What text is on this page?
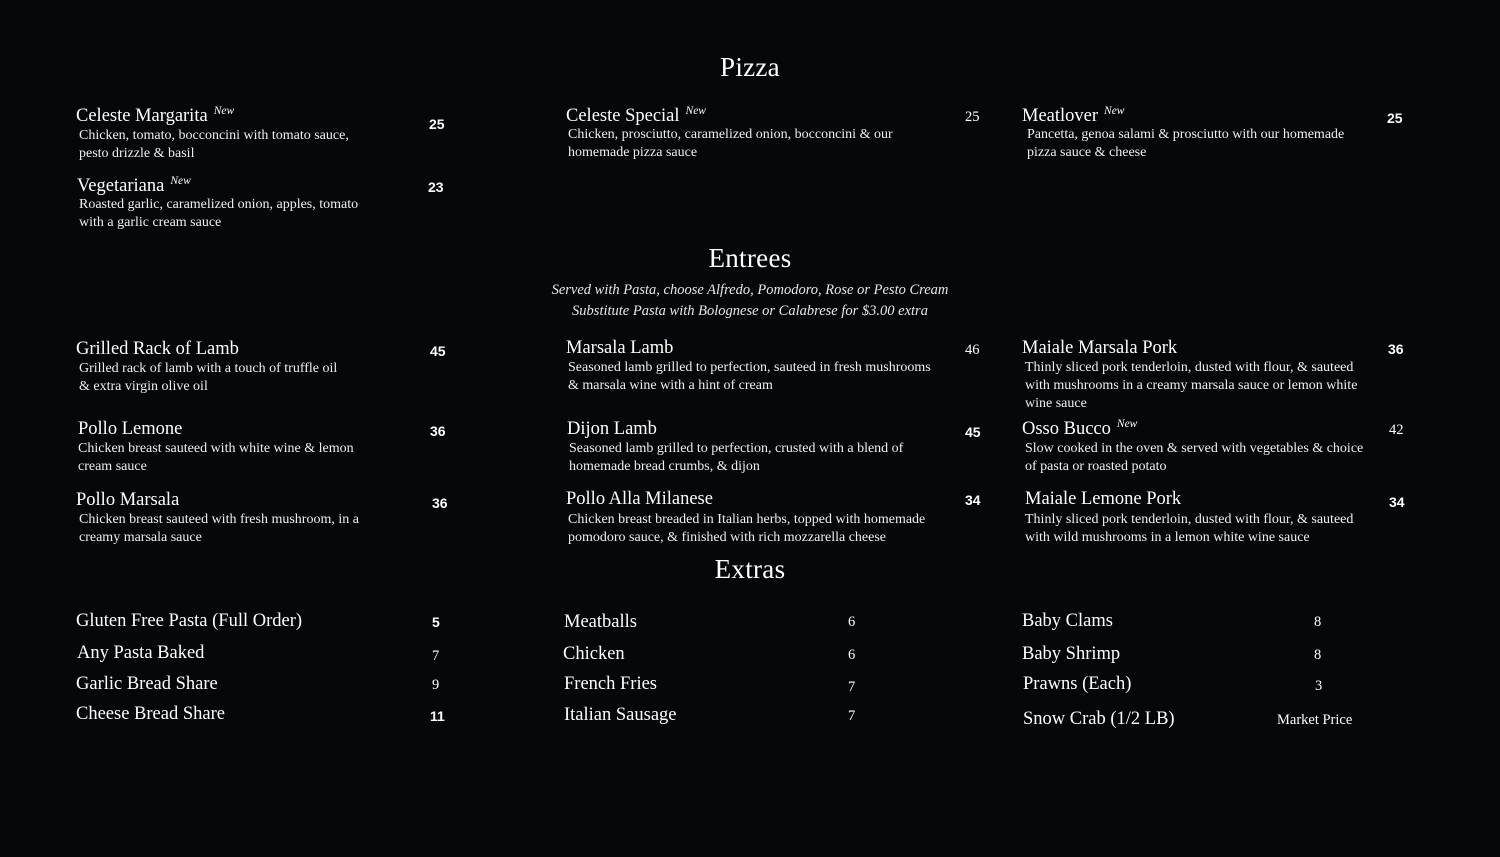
Pizza
Celeste Margarita $^{New}$
Chicken, tomato, bocconcini with tomato sauce,
pesto drizzle & basil
25
Vegetariana $^{New}$
Roasted garlic, caramelized onion, apples, tomato
with a garlic cream sauce
23
Celeste Special $^{New}$
Chicken, prosciutto, caramelized onion, bocconcini & our
homemade pizza sauce
25 Meatlover $^{New}$
Pancetta, genoa salami & prosciutto with our homemade
pizza sauce & cheese
25
Entrees
Served with Pasta, choose Alfredo, Pomodoro, Rose or Pesto Cream
Substitute Pasta with Bolognese or Calabrese for $3.00 extra
Grilled Rack of Lamb
Grilled rack of lamb with a touch of truffle oil
& extra virgin olive oil
45
Pollo Lemone
Chicken breast sauteed with white wine & lemon
cream sauce
36
Pollo Marsala
Chicken breast sauteed with fresh mushroom, in a
creamy marsala sauce
36
Marsala Lamb
Seasoned lamb grilled to perfection, sauteed in fresh mushrooms
& marsala wine with a hint of cream
46
Dijon Lamb
Seasoned lamb grilled to perfection, crusted with a blend of
homemade bread crumbs, & dijon
45
Pollo Alla Milanese
Chicken breast breaded in Italian herbs, topped with homemade
pomodoro sauce, & finished with rich mozzarella cheese
34
Maiale Marsala Pork
Thinly sliced pork tenderloin, dusted with flour, & sauteed
with mushrooms in a creamy marsala sauce or lemon white
wine sauce
36
Osso Bucco $^{New}$
Slow cooked in the oven & served with vegetables & choice
of pasta or roasted potato
42
Maiale Lemone Pork
Thinly sliced pork tenderloin, dusted with flour, & sauteed
with wild mushrooms in a lemon white wine sauce
34
Extras
Gluten Free Pasta (Full Order)	5
Any Pasta Baked	7
Garlic Bread Share	9
Cheese Bread Share	11
Meatballs	6
Chicken	6
French Fries	7
Italian Sausage	7
Baby Clams	8
Baby Shrimp	8
Prawns (Each)	3
Snow Crab (1/2 LB)	Market Price
